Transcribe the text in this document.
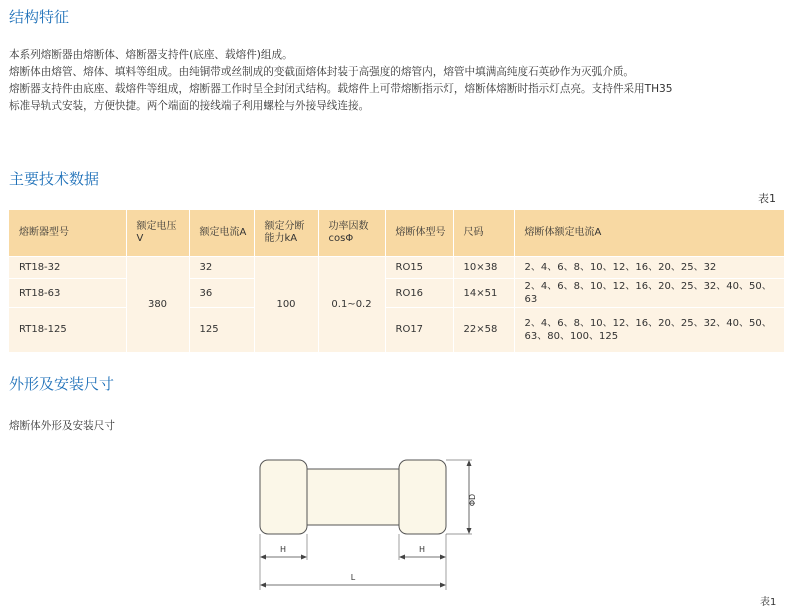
结构特征

本系列熔断器由熔断体、熔断器支持件(底座、载熔件)组成。

熔断体由熔管、熔体、填料等组成。由纯铜带或丝制成的变截面熔体封装于高强度的熔管内，熔管中填满高纯度石英砂作为灭弧介质。

熔断器支持件由底座、载熔件等组成，熔断器工作时呈全封闭式结构。载熔件上可带熔断指示灯，熔断体熔断时指示灯点亮。支持件采用TH35

标准导轨式安装，方便快捷。两个端面的接线端子利用螺栓与外接导线连接。

主要技术数据
表1
熔断器型号	额定电压V	额定电流A	额定分断能力kA	功率因数cosΦ	熔断体型号	尺码	熔断体额定电流A
RT18-32	380	32	100	0.1~0.2	RO15	10×38	2、4、6、8、10、12、16、20、25、32
RT18-63		36			RO16	14×51	2、4、6、8、10、12、16、20、25、32、40、50、63
RT18-125		125			RO17	22×58	2、4、6、8、10、12、16、20、25、32、40、50、63、80、100、125
外形及安装尺寸
熔断体外形及安装尺寸
ΦD
H	H
L
表1
